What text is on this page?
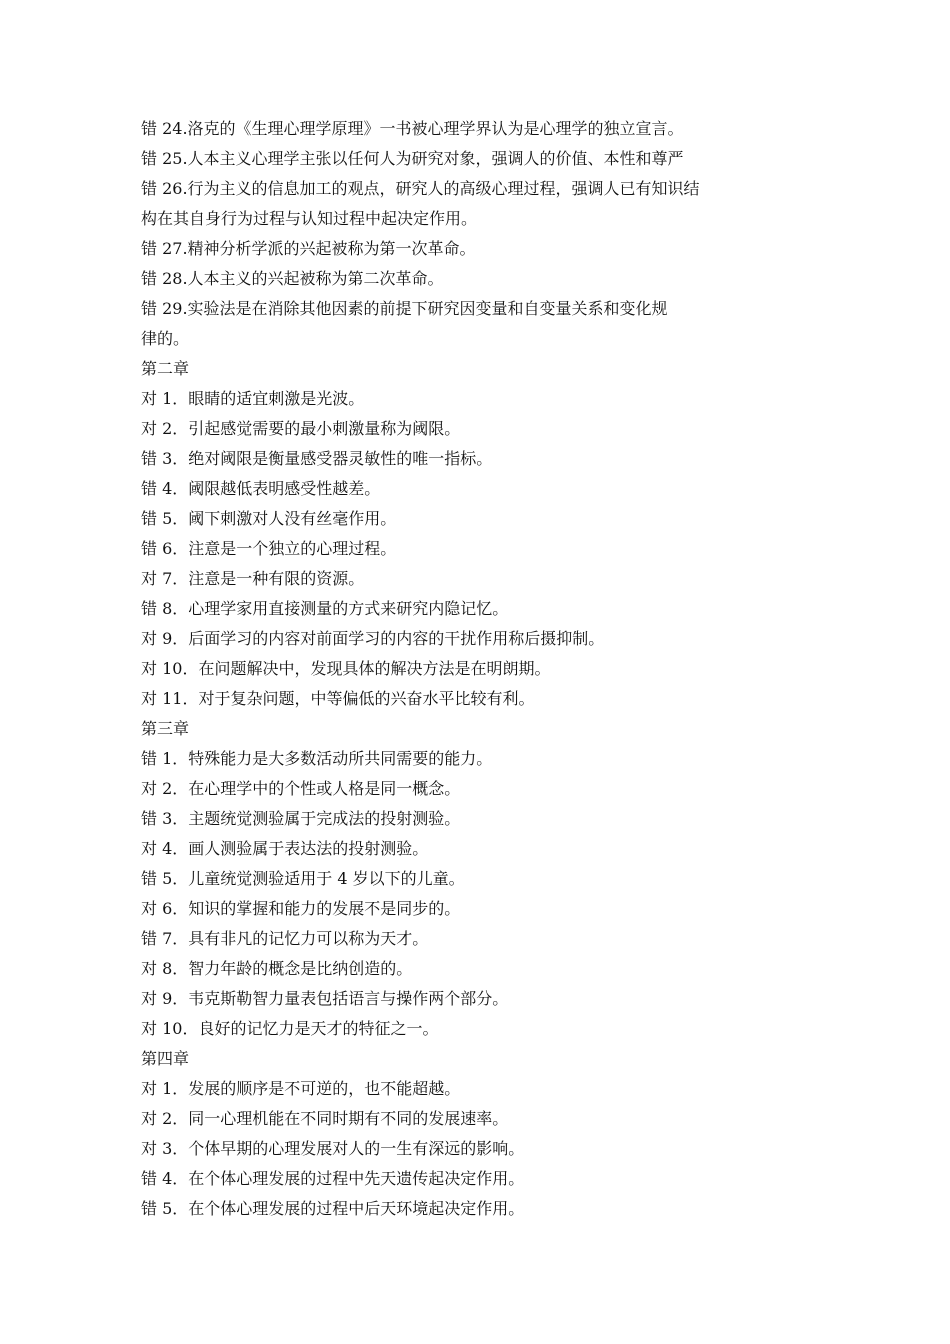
错 24.洛克的《生理心理学原理》一书被心理学界认为是心理学的独立宣言。
错 25.人本主义心理学主张以任何人为研究对象，强调人的价值、本性和尊严
错 26.行为主义的信息加工的观点，研究人的高级心理过程，强调人已有知识结
构在其自身行为过程与认知过程中起决定作用。
错 27.精神分析学派的兴起被称为第一次革命。
错 28.人本主义的兴起被称为第二次革命。
错 29.实验法是在消除其他因素的前提下研究因变量和自变量关系和变化规
律的。
第二章
对 1．眼睛的适宜刺激是光波。
对 2．引起感觉需要的最小刺激量称为阈限。
错 3．绝对阈限是衡量感受器灵敏性的唯一指标。
错 4．阈限越低表明感受性越差。
错 5．阈下刺激对人没有丝毫作用。
错 6．注意是一个独立的心理过程。
对 7．注意是一种有限的资源。
错 8．心理学家用直接测量的方式来研究内隐记忆。
对 9．后面学习的内容对前面学习的内容的干扰作用称后摄抑制。
对 10．在问题解决中，发现具体的解决方法是在明朗期。
对 11．对于复杂问题，中等偏低的兴奋水平比较有利。
第三章
错 1．特殊能力是大多数活动所共同需要的能力。
对 2．在心理学中的个性或人格是同一概念。
错 3．主题统觉测验属于完成法的投射测验。
对 4．画人测验属于表达法的投射测验。
错 5．儿童统觉测验适用于 4 岁以下的儿童。
对 6．知识的掌握和能力的发展不是同步的。
错 7．具有非凡的记忆力可以称为天才。
对 8．智力年龄的概念是比纳创造的。
对 9．韦克斯勒智力量表包括语言与操作两个部分。
对 10．良好的记忆力是天才的特征之一。
第四章
对 1．发展的顺序是不可逆的，也不能超越。
对 2．同一心理机能在不同时期有不同的发展速率。
对 3．个体早期的心理发展对人的一生有深远的影响。
错 4．在个体心理发展的过程中先天遗传起决定作用。
错 5．在个体心理发展的过程中后天环境起决定作用。
